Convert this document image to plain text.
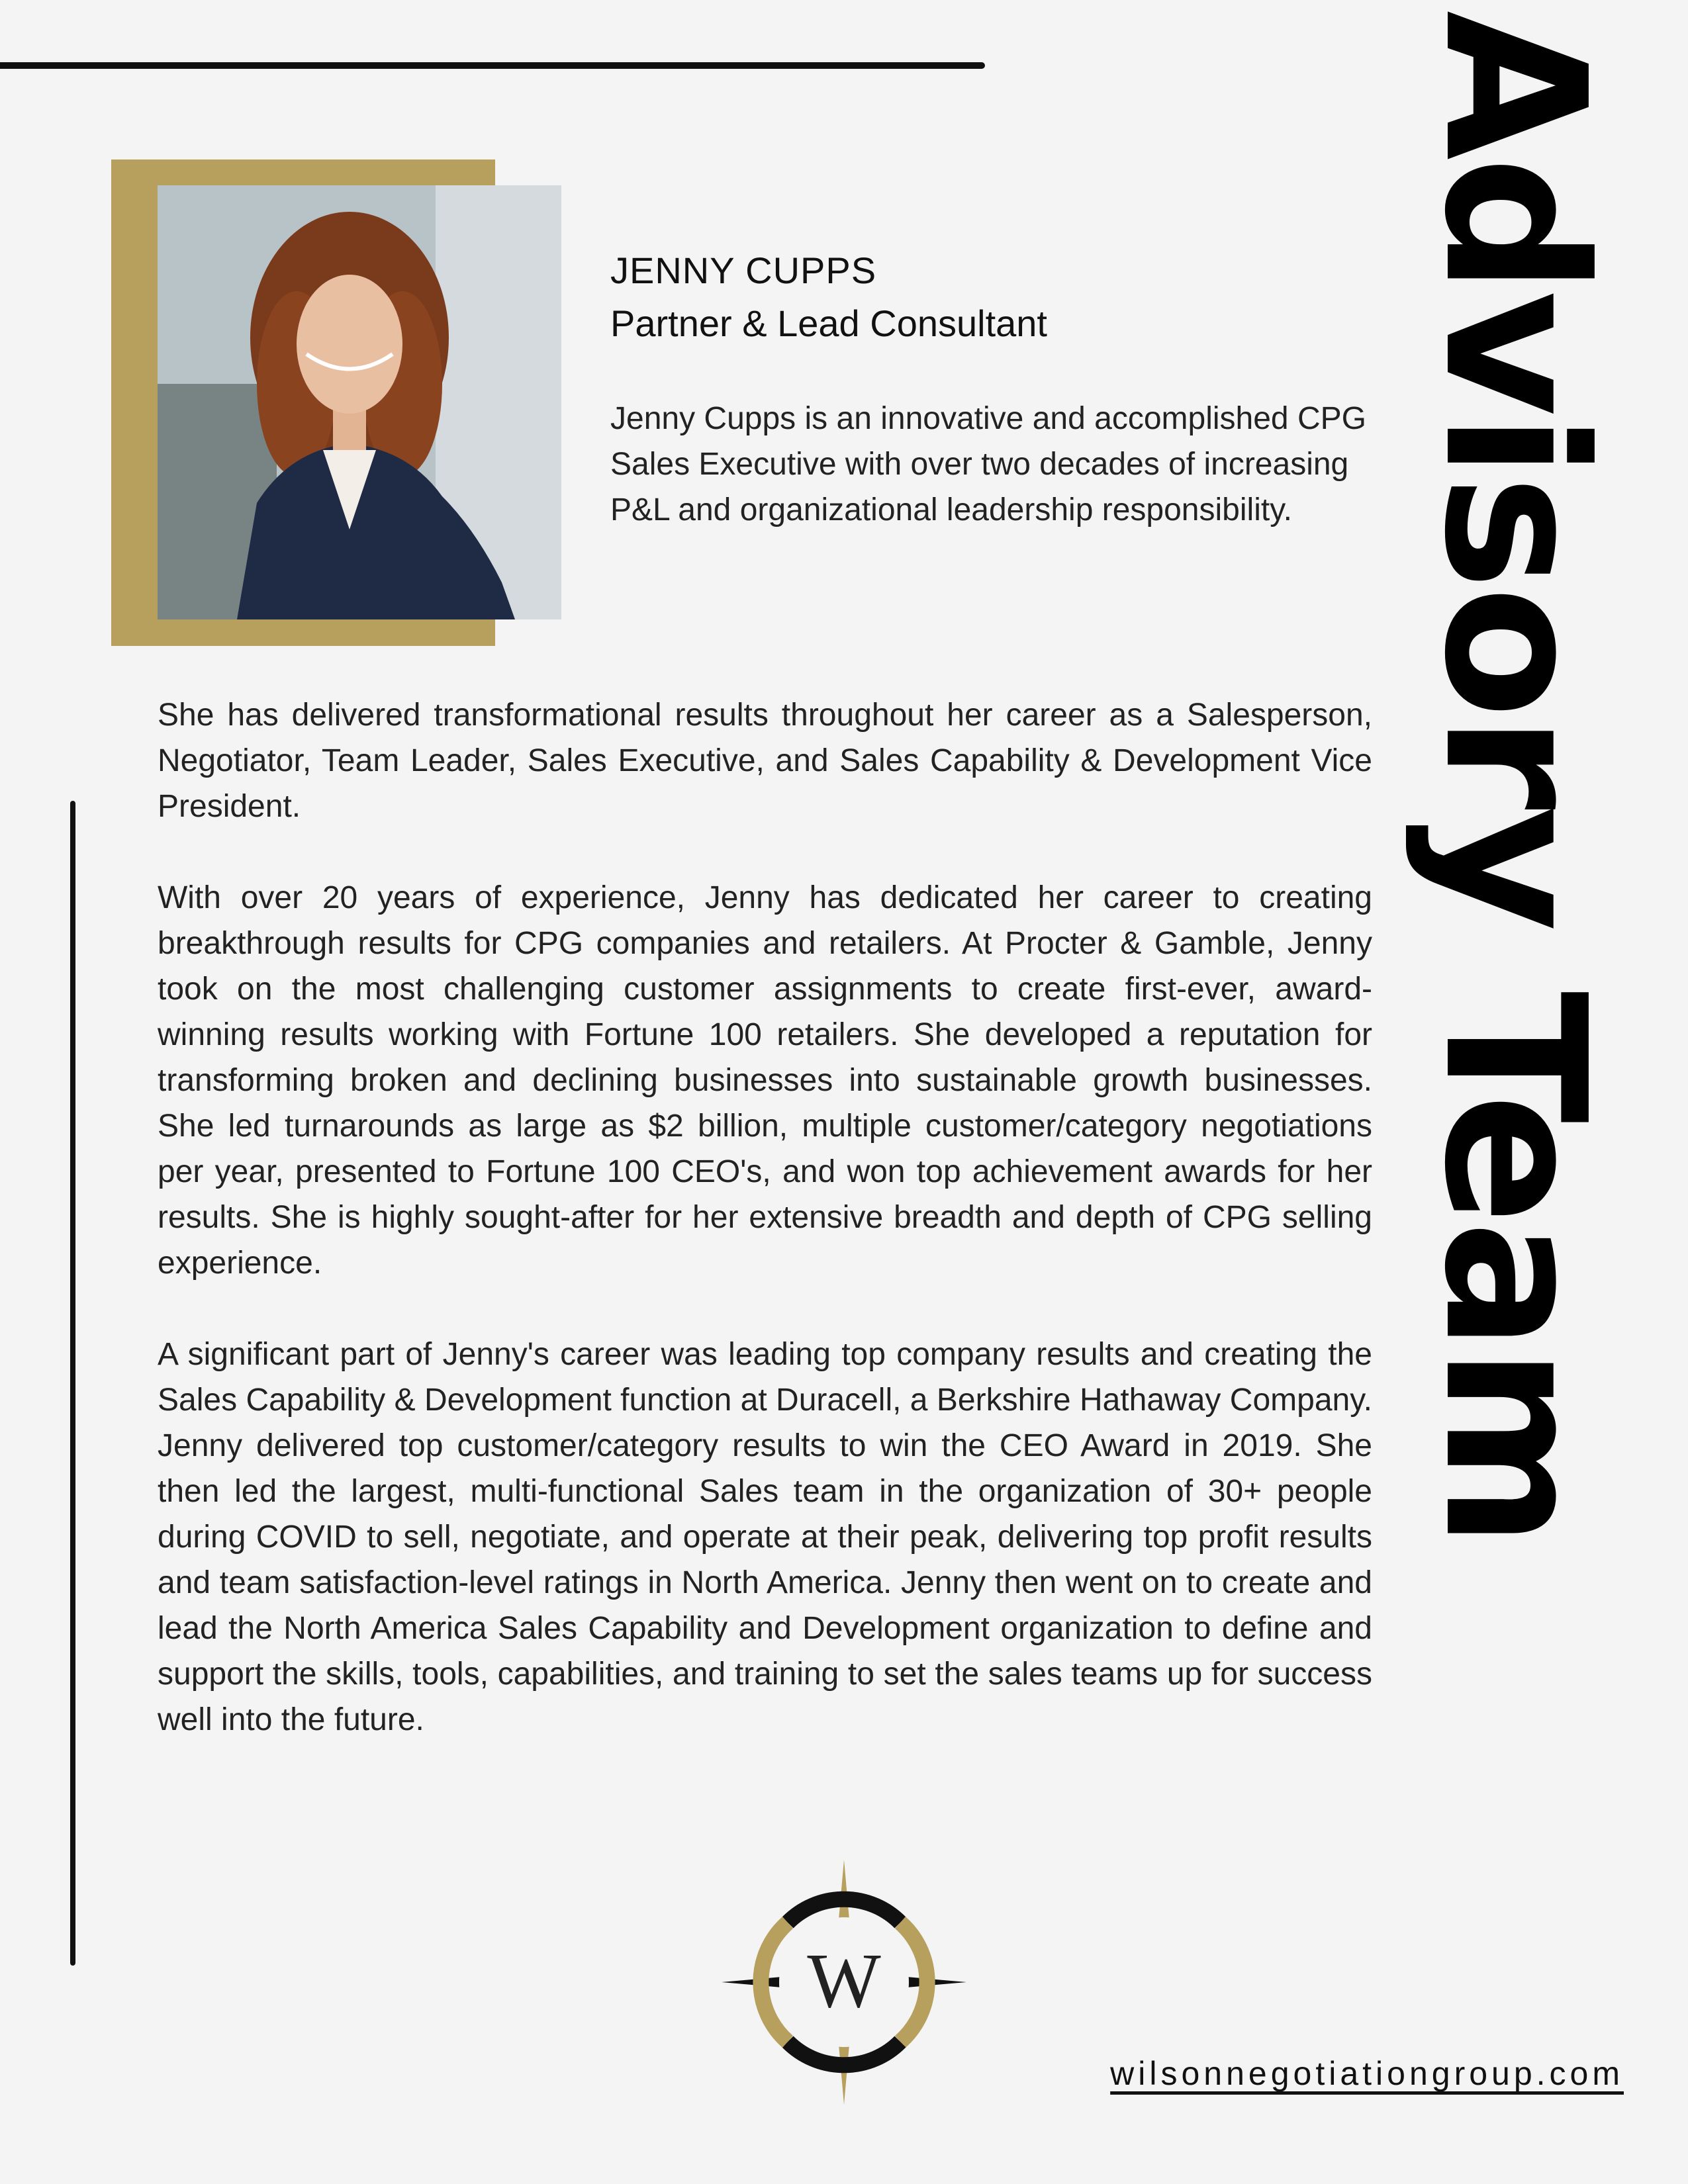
Advisory Team
JENNY CUPPS
Partner & Lead Consultant
Jenny Cupps is an innovative and accomplished CPG Sales Executive with over two decades of increasing P&L and organizational leadership responsibility.

She has delivered transformational results throughout her career as a Salesperson, Negotiator, Team Leader, Sales Executive, and Sales Capability & Development Vice President.

With over 20 years of experience, Jenny has dedicated her career to creating breakthrough results for CPG companies and retailers. At Procter & Gamble, Jenny took on the most challenging customer assignments to create first-ever, award-winning results working with Fortune 100 retailers. She developed a reputation for transforming broken and declining businesses into sustainable growth businesses. She led turnarounds as large as $2 billion, multiple customer/category negotiations per year, presented to Fortune 100 CEO's, and won top achievement awards for her results. She is highly sought-after for her extensive breadth and depth of CPG selling experience.

A significant part of Jenny's career was leading top company results and creating the Sales Capability & Development function at Duracell, a Berkshire Hathaway Company. Jenny delivered top customer/category results to win the CEO Award in 2019. She then led the largest, multi-functional Sales team in the organization of 30+ people during COVID to sell, negotiate, and operate at their peak, delivering top profit results and team satisfaction-level ratings in North America. Jenny then went on to create and lead the North America Sales Capability and Development organization to define and support the skills, tools, capabilities, and training to set the sales teams up for success well into the future.

W
wilsonnegotiationgroup.com
